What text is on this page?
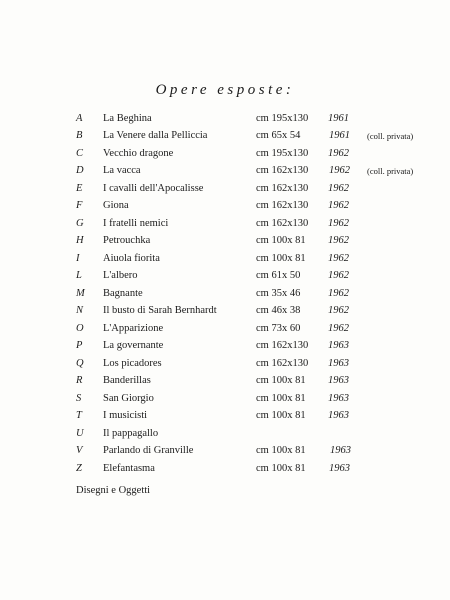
Opere esposte:
A La Beghina	cm 195x130 1961
B La Venere dalla Pelliccia	cm 65x 54	1961 (coll. privata)
C Vecchio dragone	cm 195x130 1962
D La vacca	cm 162x130 1962 (coll. privata)
E I cavalli dell'Apocalisse	cm 162x130 1962
F Giona	cm 162x130 1962
G I fratelli nemici	cm 162x130 1962
H Petrouchka	cm 100x 81 1962
I Aiuola fiorita	cm 100x 81 1962
L L'albero	cm 61x 50	1962
M Bagnante	cm 35x 46	1962
N Il busto di Sarah Bernhardt	cm 46x 38	1962
O L'Apparizione	cm 73x 60	1962
P La governante	cm 162x130 1963
Q Los picadores	cm 162x130 1963
R Banderillas	cm 100x 81 1963
S San Giorgio	cm 100x 81 1963
T I musicisti	cm 100x 81 1963
U Il pappagallo
V Parlando di Granville	cm 100x 81 1963
Z Elefantasma	cm 100x 81 1963
Disegni e Oggetti
